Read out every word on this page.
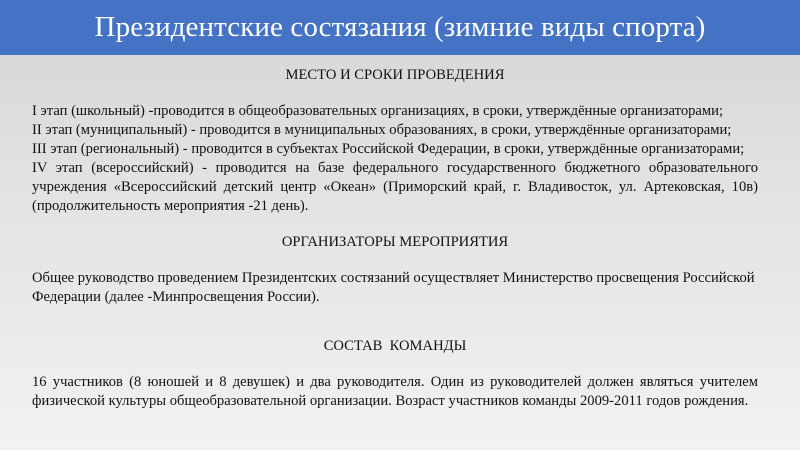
Президентские состязания (зимние виды спорта)

МЕСТО И СРОКИ ПРОВЕДЕНИЯ

I этап (школьный) -проводится в общеобразовательных организациях, в сроки, утверждённые организаторами;

II этап (муниципальный) - проводится в муниципальных образованиях, в сроки, утверждённые организаторами;

III этап (региональный) - проводится в субъектах Российской Федерации, в сроки, утверждённые организаторами;

IV этап (всероссийский) - проводится на базе федерального государственного бюджетного образовательного учреждения «Всероссийский детский центр «Океан» (Приморский край, г. Владивосток, ул. Артековская, 10в) (продолжительность мероприятия -21 день).

ОРГАНИЗАТОРЫ МЕРОПРИЯТИЯ

Общее руководство проведением Президентских состязаний осуществляет Министерство просвещения Российской Федерации (далее -Минпросвещения России).

СОСТАВ  КОМАНДЫ

16 участников (8 юношей и 8 девушек) и два руководителя. Один из руководителей должен являться учителем физической культуры общеобразовательной организации. Возраст участников команды 2009-2011 годов рождения.
